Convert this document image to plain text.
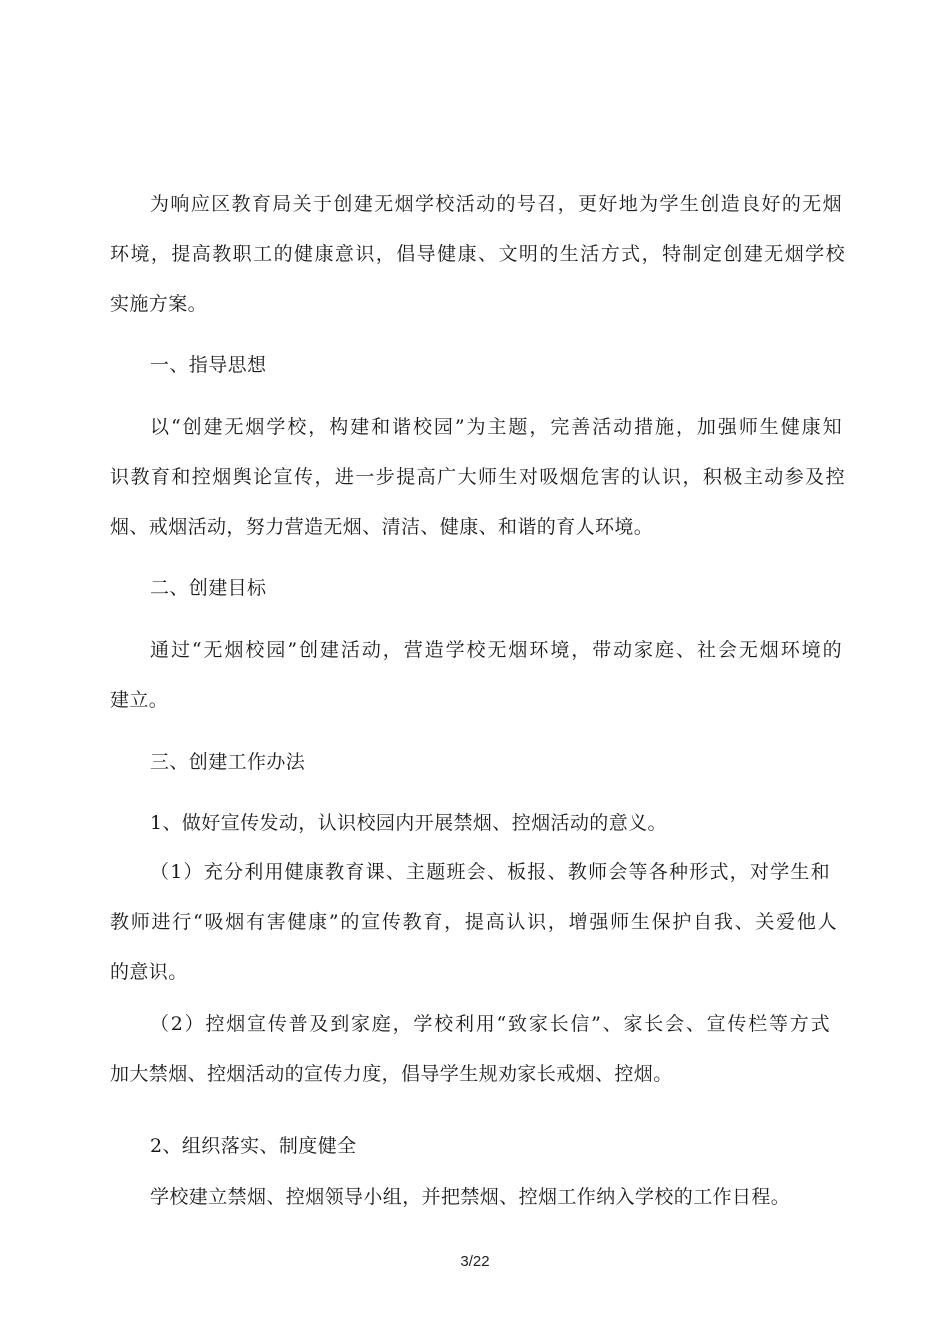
为响应区教育局关于创建无烟学校活动的号召，更好地为学生创造良好的无烟
环境，提高教职工的健康意识，倡导健康、文明的生活方式，特制定创建无烟学校
实施方案。
一、指导思想
以“创建无烟学校，构建和谐校园”为主题，完善活动措施，加强师生健康知
识教育和控烟舆论宣传，进一步提高广大师生对吸烟危害的认识，积极主动参及控
烟、戒烟活动，努力营造无烟、清洁、健康、和谐的育人环境。
二、创建目标
通过“无烟校园”创建活动，营造学校无烟环境，带动家庭、社会无烟环境的
建立。
三、创建工作办法
1、做好宣传发动，认识校园内开展禁烟、控烟活动的意义。
（1）充分利用健康教育课、主题班会、板报、教师会等各种形式，对学生和
教师进行“吸烟有害健康”的宣传教育，提高认识，增强师生保护自我、关爱他人
的意识。
（2）控烟宣传普及到家庭，学校利用“致家长信”、家长会、宣传栏等方式
加大禁烟、控烟活动的宣传力度，倡导学生规劝家长戒烟、控烟。
2、组织落实、制度健全
学校建立禁烟、控烟领导小组，并把禁烟、控烟工作纳入学校的工作日程。
3/22
